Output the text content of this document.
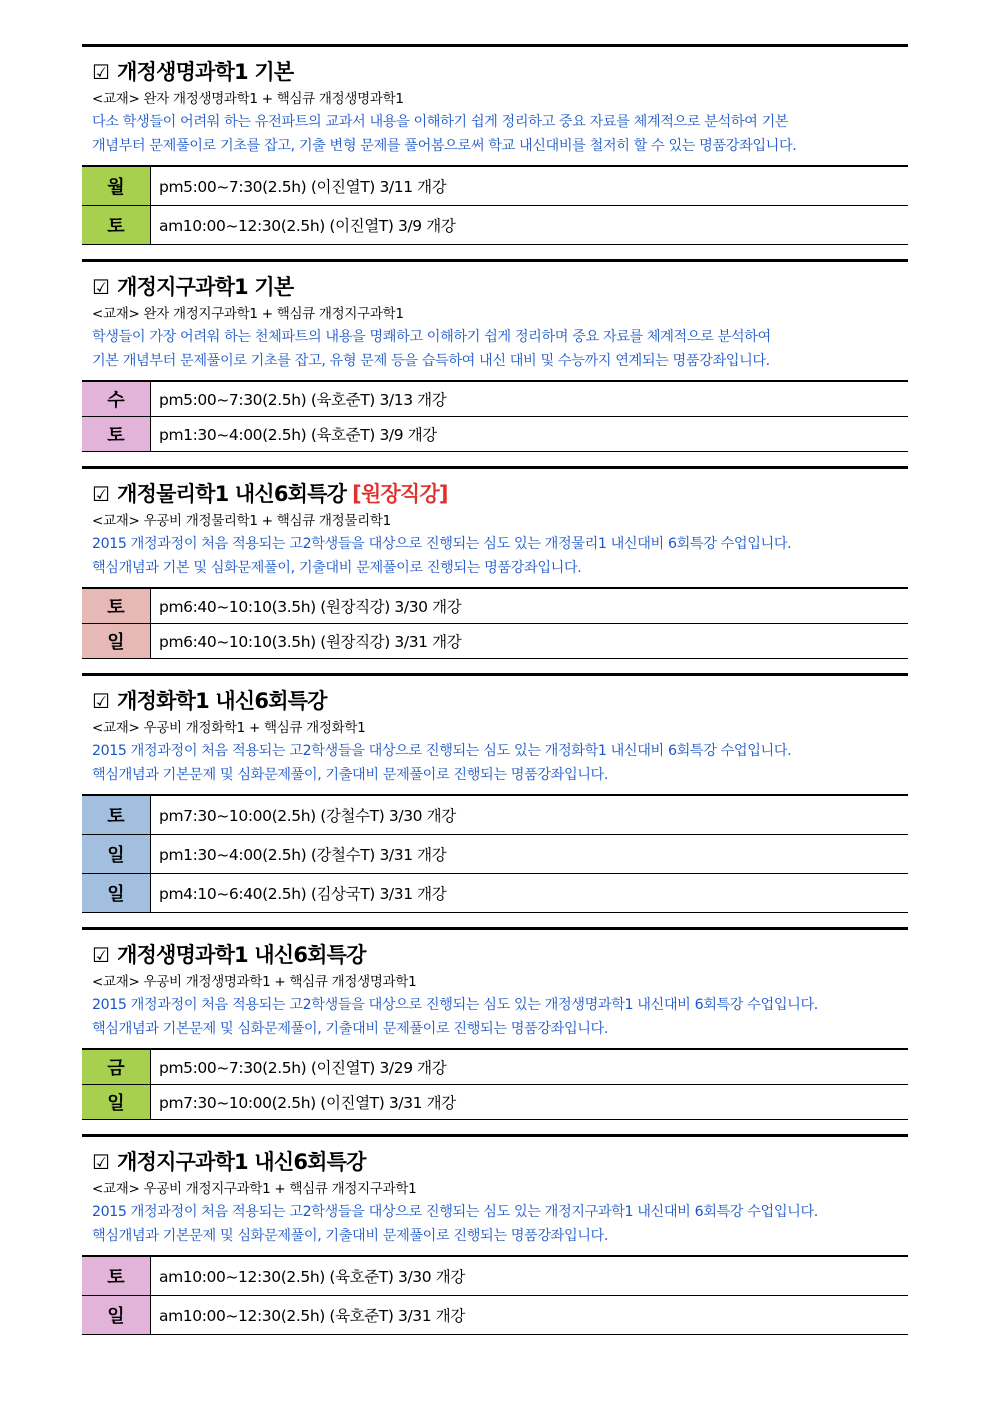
☑ 개정생명과학1 기본
<교재> 완자 개정생명과학1 + 핵심큐 개정생명과학1
다소 학생들이 어려워 하는 유전파트의 교과서 내용을 이해하기 쉽게 정리하고 중요 자료를 체계적으로 분석하여 기본
개념부터 문제풀이로 기초를 잡고, 기출 변형 문제를 풀어봄으로써 학교 내신대비를 철저히 할 수 있는 명품강좌입니다.
월	pm5:00~7:30(2.5h) (이진열T) 3/11 개강
토	am10:00~12:30(2.5h) (이진열T) 3/9 개강
☑ 개정지구과학1 기본
<교재> 완자 개정지구과학1 + 핵심큐 개정지구과학1
학생들이 가장 어려워 하는 천체파트의 내용을 명쾌하고 이해하기 쉽게 정리하며 중요 자료를 체계적으로 분석하여
기본 개념부터 문제풀이로 기초를 잡고, 유형 문제 등을 습득하여 내신 대비 및 수능까지 연계되는 명품강좌입니다.
수	pm5:00~7:30(2.5h) (육호준T) 3/13 개강
토	pm1:30~4:00(2.5h) (육호준T) 3/9 개강
☑ 개정물리학1 내신6회특강 [원장직강]
<교재> 우공비 개정물리학1 + 핵심큐 개정물리학1
2015 개정과정이 처음 적용되는 고2학생들을 대상으로 진행되는 심도 있는 개정물리1 내신대비 6회특강 수업입니다.
핵심개념과 기본 및 심화문제풀이, 기출대비 문제풀이로 진행되는 명품강좌입니다.
토	pm6:40~10:10(3.5h) (원장직강) 3/30 개강
일	pm6:40~10:10(3.5h) (원장직강) 3/31 개강
☑ 개정화학1 내신6회특강
<교재> 우공비 개정화학1 + 핵심큐 개정화학1
2015 개정과정이 처음 적용되는 고2학생들을 대상으로 진행되는 심도 있는 개정화학1 내신대비 6회특강 수업입니다.
핵심개념과 기본문제 및 심화문제풀이, 기출대비 문제풀이로 진행되는 명품강좌입니다.
토	pm7:30~10:00(2.5h) (강철수T) 3/30 개강
일	pm1:30~4:00(2.5h) (강철수T) 3/31 개강
일	pm4:10~6:40(2.5h) (김상국T) 3/31 개강
☑ 개정생명과학1 내신6회특강
<교재> 우공비 개정생명과학1 + 핵심큐 개정생명과학1
2015 개정과정이 처음 적용되는 고2학생들을 대상으로 진행되는 심도 있는 개정생명과학1 내신대비 6회특강 수업입니다.
핵심개념과 기본문제 및 심화문제풀이, 기출대비 문제풀이로 진행되는 명품강좌입니다.
금	pm5:00~7:30(2.5h) (이진열T) 3/29 개강
일	pm7:30~10:00(2.5h) (이진열T) 3/31 개강
☑ 개정지구과학1 내신6회특강
<교재> 우공비 개정지구과학1 + 핵심큐 개정지구과학1
2015 개정과정이 처음 적용되는 고2학생들을 대상으로 진행되는 심도 있는 개정지구과학1 내신대비 6회특강 수업입니다.
핵심개념과 기본문제 및 심화문제풀이, 기출대비 문제풀이로 진행되는 명품강좌입니다.
토	am10:00~12:30(2.5h) (육호준T) 3/30 개강
일	am10:00~12:30(2.5h) (육호준T) 3/31 개강
